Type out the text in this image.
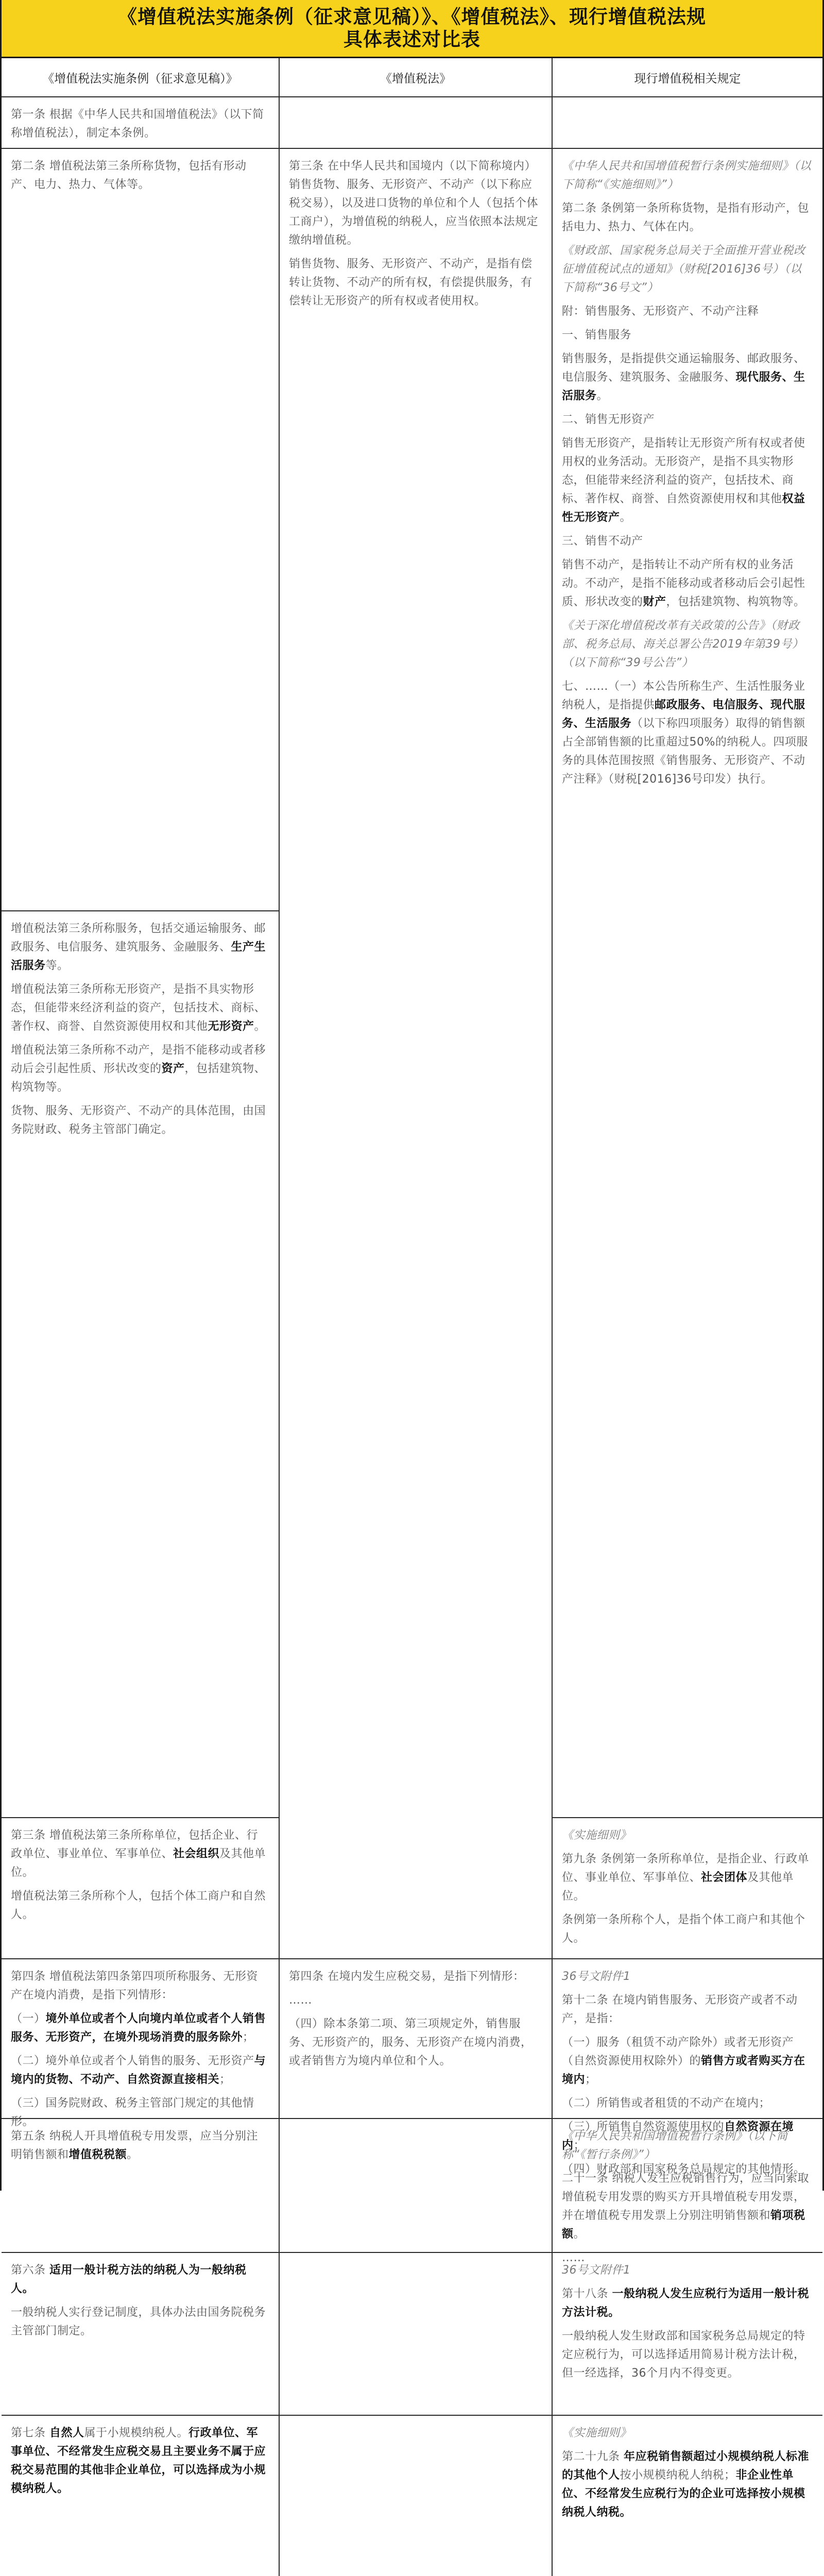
《增值税法实施条例（征求意见稿）》、《增值税法》、现行增值税法规
具体表述对比表
《增值税法实施条例（征求意见稿）》	《增值税法》	现行增值税相关规定
第一条 根据《中华人民共和国增值税法》（以下简称增值税法），制定本条例。
第二条 增值税法第三条所称货物，包括有形动产、电力、热力、气体等。
增值税法第三条所称服务，包括交通运输服务、邮政服务、电信服务、建筑服务、金融服务、生产生活服务等。
增值税法第三条所称无形资产，是指不具实物形态，但能带来经济利益的资产，包括技术、商标、著作权、商誉、自然资源使用权和其他无形资产。
增值税法第三条所称不动产，是指不能移动或者移动后会引起性质、形状改变的资产，包括建筑物、构筑物等。
货物、服务、无形资产、不动产的具体范围，由国务院财政、税务主管部门确定。
第三条 在中华人民共和国境内（以下简称境内）销售货物、服务、无形资产、不动产（以下称应税交易），以及进口货物的单位和个人（包括个体工商户），为增值税的纳税人，应当依照本法规定缴纳增值税。
销售货物、服务、无形资产、不动产，是指有偿转让货物、不动产的所有权，有偿提供服务，有偿转让无形资产的所有权或者使用权。
《中华人民共和国增值税暂行条例实施细则》（以下简称“《实施细则》”）
第二条 条例第一条所称货物，是指有形动产，包括电力、热力、气体在内。
《财政部、国家税务总局关于全面推开营业税改征增值税试点的通知》（财税[2016]36号）（以下简称“36号文”）
附：销售服务、无形资产、不动产注释
一、销售服务
销售服务，是指提供交通运输服务、邮政服务、电信服务、建筑服务、金融服务、现代服务、生活服务。
二、销售无形资产
销售无形资产，是指转让无形资产所有权或者使用权的业务活动。无形资产，是指不具实物形态，但能带来经济利益的资产，包括技术、商标、著作权、商誉、自然资源使用权和其他权益性无形资产。
三、销售不动产
销售不动产，是指转让不动产所有权的业务活动。不动产，是指不能移动或者移动后会引起性质、形状改变的财产，包括建筑物、构筑物等。
《关于深化增值税改革有关政策的公告》（财政部、税务总局、海关总署公告2019年第39号）（以下简称“39号公告”）
七、……（一）本公告所称生产、生活性服务业纳税人，是指提供邮政服务、电信服务、现代服务、生活服务（以下称四项服务）取得的销售额占全部销售额的比重超过50%的纳税人。四项服务的具体范围按照《销售服务、无形资产、不动产注释》（财税[2016]36号印发）执行。
第三条 增值税法第三条所称单位，包括企业、行政单位、事业单位、军事单位、社会组织及其他单位。
增值税法第三条所称个人，包括个体工商户和自然人。
《实施细则》
第九条 条例第一条所称单位，是指企业、行政单位、事业单位、军事单位、社会团体及其他单位。
条例第一条所称个人，是指个体工商户和其他个人。
第四条 增值税法第四条第四项所称服务、无形资产在境内消费，是指下列情形：
（一）境外单位或者个人向境内单位或者个人销售服务、无形资产，在境外现场消费的服务除外；
（二）境外单位或者个人销售的服务、无形资产与境内的货物、不动产、自然资源直接相关；
（三）国务院财政、税务主管部门规定的其他情形。
第四条 在境内发生应税交易，是指下列情形：
……
（四）除本条第二项、第三项规定外，销售服务、无形资产的，服务、无形资产在境内消费，或者销售方为境内单位和个人。
36号文附件1
第十二条 在境内销售服务、无形资产或者不动产，是指：
（一）服务（租赁不动产除外）或者无形资产（自然资源使用权除外）的销售方或者购买方在境内；
（二）所销售或者租赁的不动产在境内；
（三）所销售自然资源使用权的自然资源在境内；
（四）财政部和国家税务总局规定的其他情形。
第五条 纳税人开具增值税专用发票，应当分别注明销售额和增值税税额。
《中华人民共和国增值税暂行条例》（以下简称“《暂行条例》”）
二十一条 纳税人发生应税销售行为，应当向索取增值税专用发票的购买方开具增值税专用发票，并在增值税专用发票上分别注明销售额和销项税额。
……
第六条 适用一般计税方法的纳税人为一般纳税人。
一般纳税人实行登记制度，具体办法由国务院税务主管部门制定。
36号文附件1
第十八条 一般纳税人发生应税行为适用一般计税方法计税。
一般纳税人发生财政部和国家税务总局规定的特定应税行为，可以选择适用简易计税方法计税，但一经选择，36个月内不得变更。
第七条 自然人属于小规模纳税人。行政单位、军事单位、不经常发生应税交易且主要业务不属于应税交易范围的其他非企业单位，可以选择成为小规模纳税人。
《实施细则》
第二十九条 年应税销售额超过小规模纳税人标准的其他个人按小规模纳税人纳税；非企业性单位、不经常发生应税行为的企业可选择按小规模纳税人纳税。
